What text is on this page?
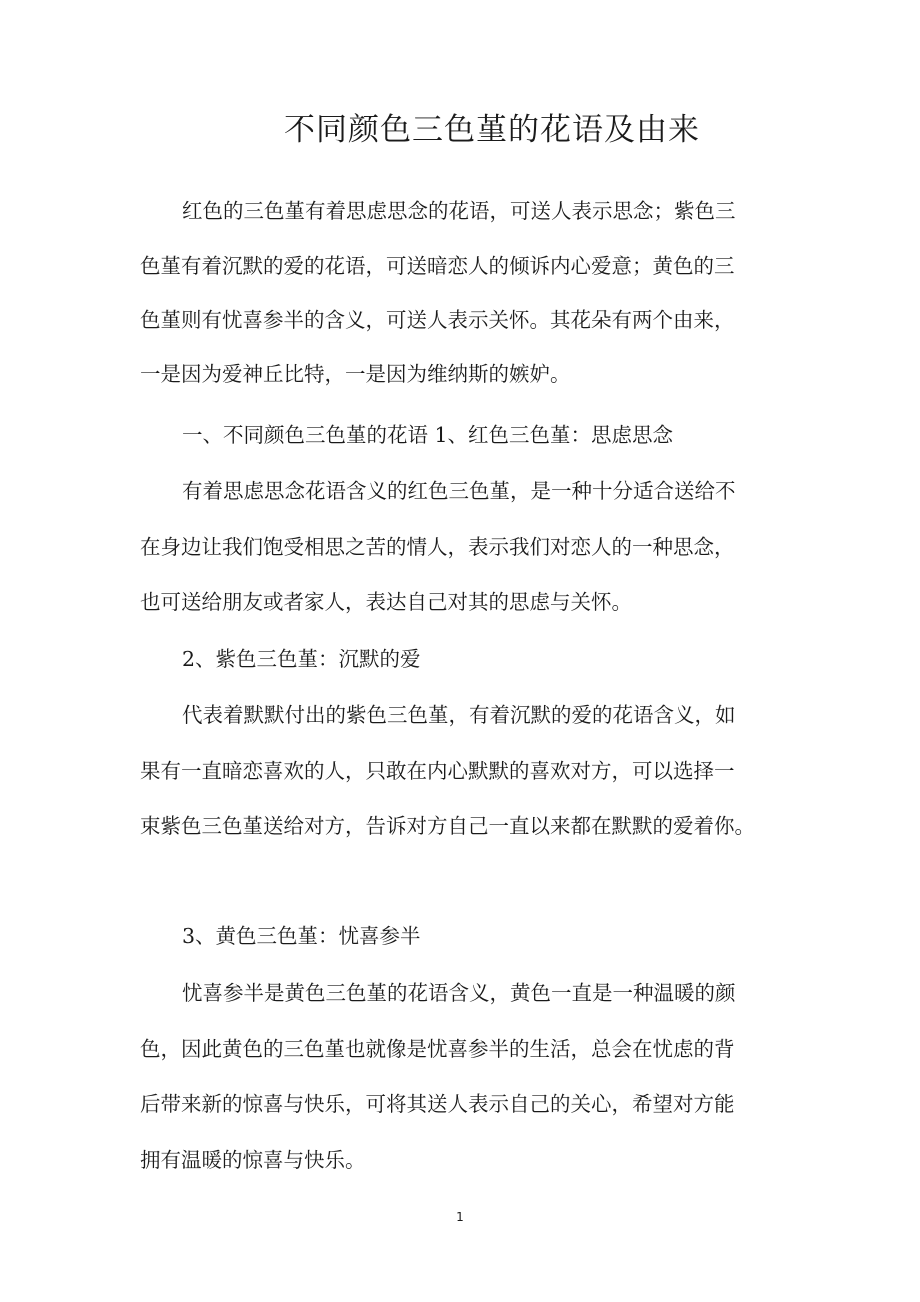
不同颜色三色堇的花语及由来

红色的三色堇有着思虑思念的花语，可送人表示思念；紫色三

色堇有着沉默的爱的花语，可送暗恋人的倾诉内心爱意；黄色的三

色堇则有忧喜参半的含义，可送人表示关怀。其花朵有两个由来，

一是因为爱神丘比特，一是因为维纳斯的嫉妒。

一、不同颜色三色堇的花语 1、红色三色堇：思虑思念

有着思虑思念花语含义的红色三色堇，是一种十分适合送给不

在身边让我们饱受相思之苦的情人，表示我们对恋人的一种思念，

也可送给朋友或者家人，表达自己对其的思虑与关怀。

2、紫色三色堇：沉默的爱

代表着默默付出的紫色三色堇，有着沉默的爱的花语含义，如

果有一直暗恋喜欢的人，只敢在内心默默的喜欢对方，可以选择一

束紫色三色堇送给对方，告诉对方自己一直以来都在默默的爱着你。

3、黄色三色堇：忧喜参半

忧喜参半是黄色三色堇的花语含义，黄色一直是一种温暖的颜

色，因此黄色的三色堇也就像是忧喜参半的生活，总会在忧虑的背

后带来新的惊喜与快乐，可将其送人表示自己的关心，希望对方能

拥有温暖的惊喜与快乐。

1
